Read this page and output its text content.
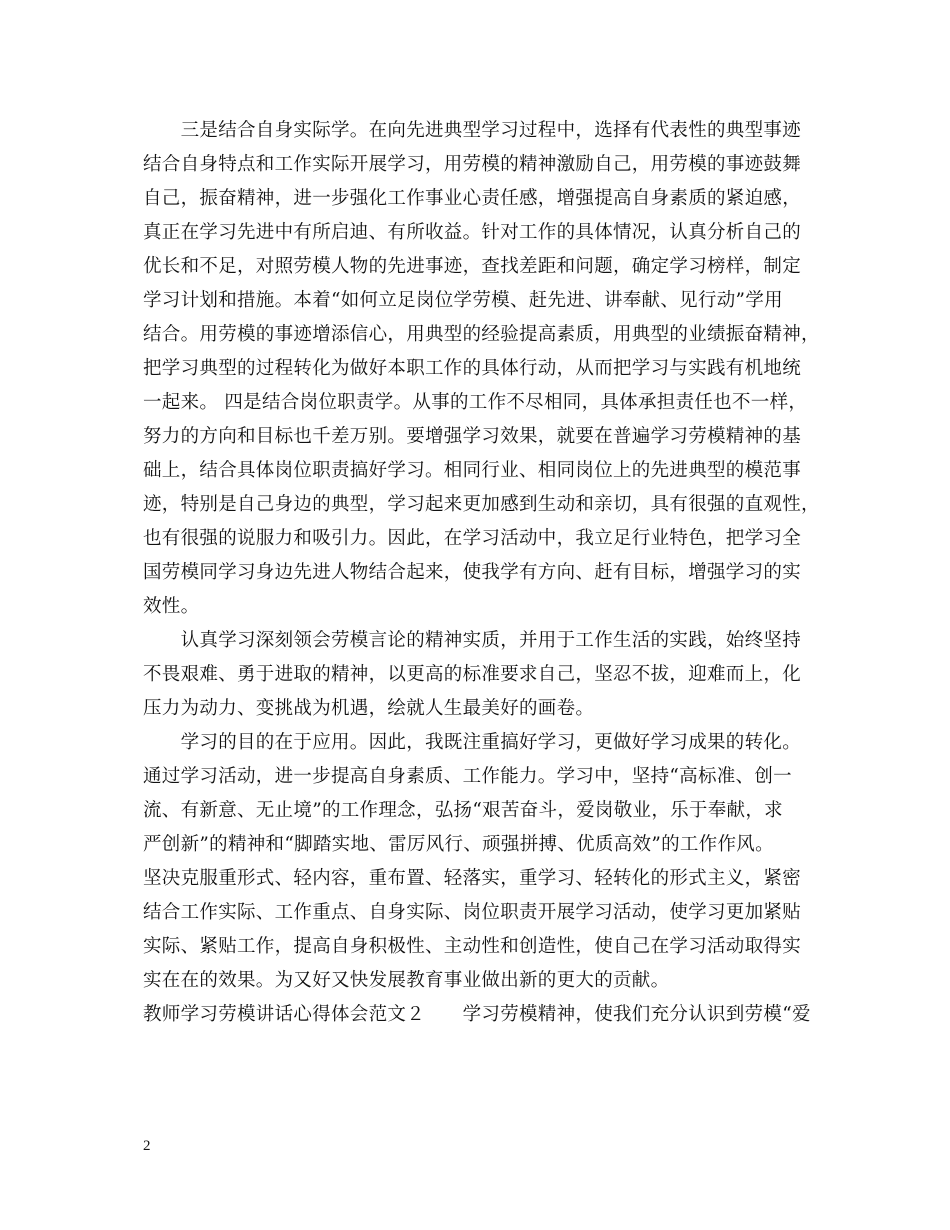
　　三是结合自身实际学。在向先进典型学习过程中，选择有代表性的典型事迹
结合自身特点和工作实际开展学习，用劳模的精神激励自己，用劳模的事迹鼓舞
自己，振奋精神，进一步强化工作事业心责任感，增强提高自身素质的紧迫感，
真正在学习先进中有所启迪、有所收益。针对工作的具体情况，认真分析自己的
优长和不足，对照劳模人物的先进事迹，查找差距和问题，确定学习榜样，制定
学习计划和措施。本着“如何立足岗位学劳模、赶先进、讲奉献、见行动”学用
结合。用劳模的事迹增添信心，用典型的经验提高素质，用典型的业绩振奋精神，
把学习典型的过程转化为做好本职工作的具体行动，从而把学习与实践有机地统
一起来。 四是结合岗位职责学。从事的工作不尽相同，具体承担责任也不一样，
努力的方向和目标也千差万别。要增强学习效果，就要在普遍学习劳模精神的基
础上，结合具体岗位职责搞好学习。相同行业、相同岗位上的先进典型的模范事
迹，特别是自己身边的典型，学习起来更加感到生动和亲切，具有很强的直观性，
也有很强的说服力和吸引力。因此，在学习活动中，我立足行业特色，把学习全
国劳模同学习身边先进人物结合起来，使我学有方向、赶有目标，增强学习的实
效性。
　　认真学习深刻领会劳模言论的精神实质，并用于工作生活的实践，始终坚持
不畏艰难、勇于进取的精神，以更高的标准要求自己，坚忍不拔，迎难而上，化
压力为动力、变挑战为机遇，绘就人生最美好的画卷。
　　学习的目的在于应用。因此，我既注重搞好学习，更做好学习成果的转化。
通过学习活动，进一步提高自身素质、工作能力。学习中，坚持“高标准、创一
流、有新意、无止境”的工作理念，弘扬“艰苦奋斗，爱岗敬业，乐于奉献，求
严创新”的精神和“脚踏实地、雷厉风行、顽强拼搏、优质高效”的工作作风。
坚决克服重形式、轻内容，重布置、轻落实，重学习、轻转化的形式主义，紧密
结合工作实际、工作重点、自身实际、岗位职责开展学习活动，使学习更加紧贴
实际、紧贴工作，提高自身积极性、主动性和创造性，使自己在学习活动取得实
实在在的效果。为又好又快发展教育事业做出新的更大的贡献。
教师学习劳模讲话心得体会范文２　　学习劳模精神，使我们充分认识到劳模“爱
2
